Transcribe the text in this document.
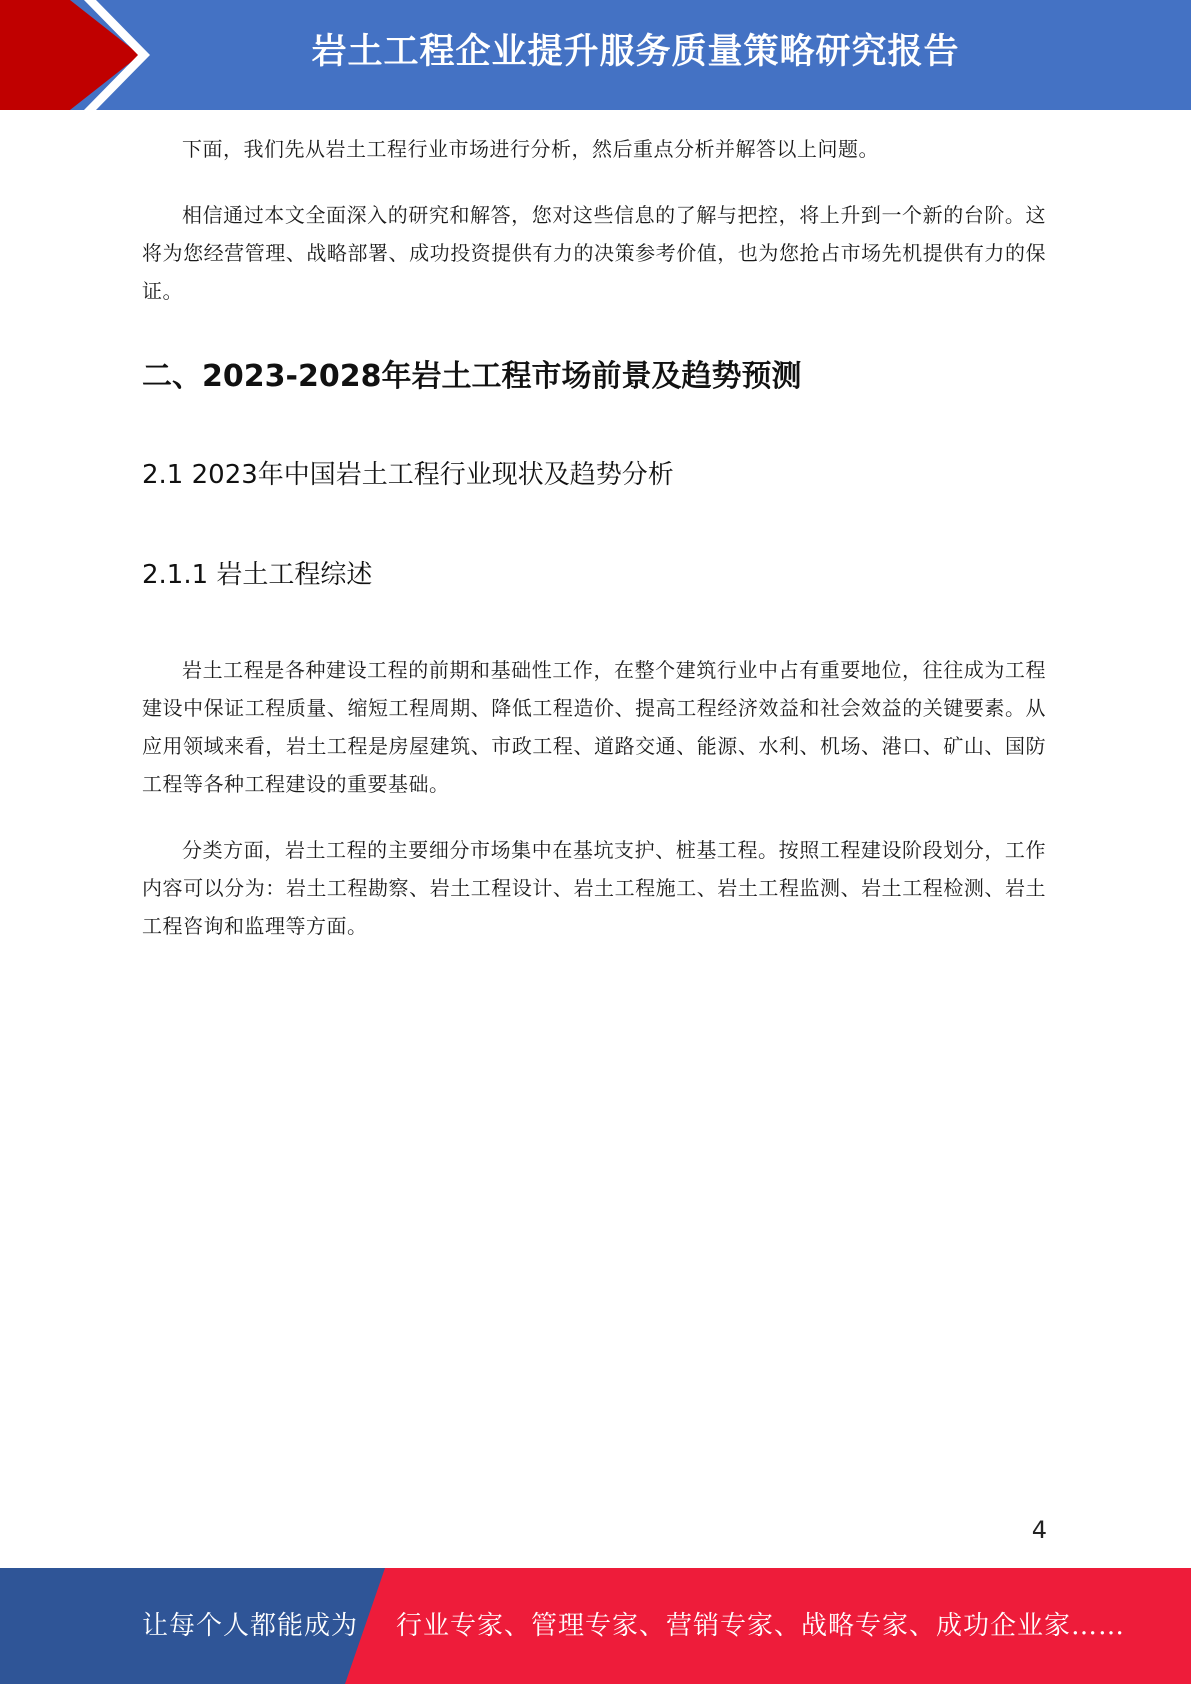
岩土工程企业提升服务质量策略研究报告

下面，我们先从岩土工程行业市场进行分析，然后重点分析并解答以上问题。

相信通过本文全面深入的研究和解答，您对这些信息的了解与把控，将上升到一个新的台阶。这将为您经营管理、战略部署、成功投资提供有力的决策参考价值，也为您抢占市场先机提供有力的保证。

二、2023-2028年岩土工程市场前景及趋势预测
2.1 2023年中国岩土工程行业现状及趋势分析
2.1.1 岩土工程综述

岩土工程是各种建设工程的前期和基础性工作，在整个建筑行业中占有重要地位，往往成为工程建设中保证工程质量、缩短工程周期、降低工程造价、提高工程经济效益和社会效益的关键要素。从应用领域来看，岩土工程是房屋建筑、市政工程、道路交通、能源、水利、机场、港口、矿山、国防工程等各种工程建设的重要基础。

分类方面，岩土工程的主要细分市场集中在基坑支护、桩基工程。按照工程建设阶段划分，工作内容可以分为：岩土工程勘察、岩土工程设计、岩土工程施工、岩土工程监测、岩土工程检测、岩土工程咨询和监理等方面。

4
让每个人都能成为 行业专家、管理专家、营销专家、战略专家、成功企业家……
